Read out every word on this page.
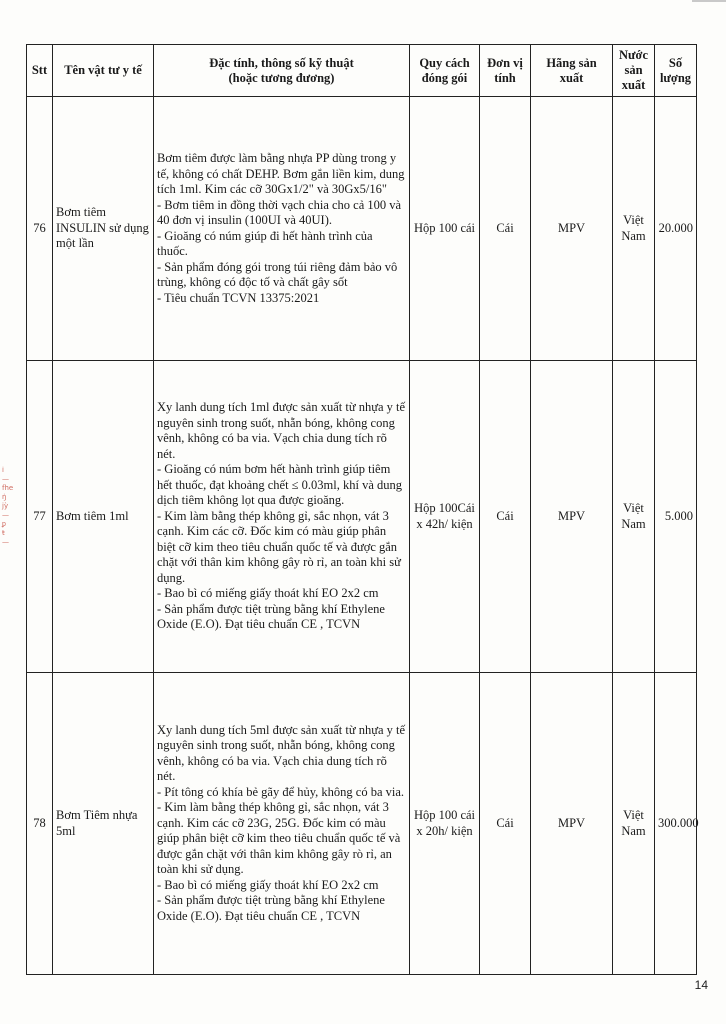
ı̇
—
fhe
ŋ̇
jỳ
—
ᵱ
ŧ
—
Stt	Tên vật tư y tế	Đặc tính, thông số kỹ thuật
(hoặc tương đương)	Quy cách đóng gói	Đơn vị tính	Hãng sản xuất	Nước sản xuất	Số lượng
76	Bơm tiêm INSULIN sử dụng một lần	Bơm tiêm được làm bằng nhựa PP dùng trong y tế, không có chất DEHP. Bơm gắn liền kim, dung tích 1ml. Kim các cỡ 30Gx1/2" và 30Gx5/16"
- Bơm tiêm in đồng thời vạch chia cho cả 100 và 40 đơn vị insulin (100UI và 40UI).
- Gioăng có núm giúp đi hết hành trình của thuốc.
- Sản phẩm đóng gói trong túi riêng đảm bảo vô trùng, không có độc tố và chất gây sốt
- Tiêu chuẩn TCVN 13375:2021	Hộp 100 cái	Cái	MPV	Việt Nam	20.000
77	Bơm tiêm 1ml	Xy lanh dung tích 1ml được sản xuất từ nhựa y tế nguyên sinh trong suốt, nhẵn bóng, không cong vênh, không có ba via. Vạch chia dung tích rõ nét.
- Gioăng có núm bơm hết hành trình giúp tiêm hết thuốc, đạt khoảng chết ≤ 0.03ml, khí và dung dịch tiêm không lọt qua được gioăng.
- Kim làm bằng thép không gỉ, sắc nhọn, vát 3 cạnh. Kim các cỡ. Đốc kim có màu giúp phân biệt cỡ kim theo tiêu chuẩn quốc tế và được gắn chặt với thân kim không gây rò rỉ, an toàn khi sử dụng.
- Bao bì có miếng giấy thoát khí EO 2x2 cm
- Sản phẩm được tiệt trùng bằng khí Ethylene Oxide (E.O). Đạt tiêu chuẩn CE , TCVN	Hộp 100Cái x 42h/ kiện	Cái	MPV	Việt Nam	5.000
78	Bơm Tiêm nhựa 5ml	Xy lanh dung tích 5ml được sản xuất từ nhựa y tế nguyên sinh trong suốt, nhẵn bóng, không cong vênh, không có ba via. Vạch chia dung tích rõ nét.
- Pít tông có khía bẻ gãy để hủy, không có ba via.
- Kim làm bằng thép không gỉ, sắc nhọn, vát 3 cạnh. Kim các cỡ 23G, 25G. Đốc kim có màu giúp phân biệt cỡ kim theo tiêu chuẩn quốc tế và được gắn chặt với thân kim không gây rò rỉ, an toàn khi sử dụng.
- Bao bì có miếng giấy thoát khí EO 2x2 cm
- Sản phẩm được tiệt trùng bằng khí Ethylene Oxide (E.O). Đạt tiêu chuẩn CE , TCVN	Hộp 100 cái x 20h/ kiện	Cái	MPV	Việt Nam	300.000
14
